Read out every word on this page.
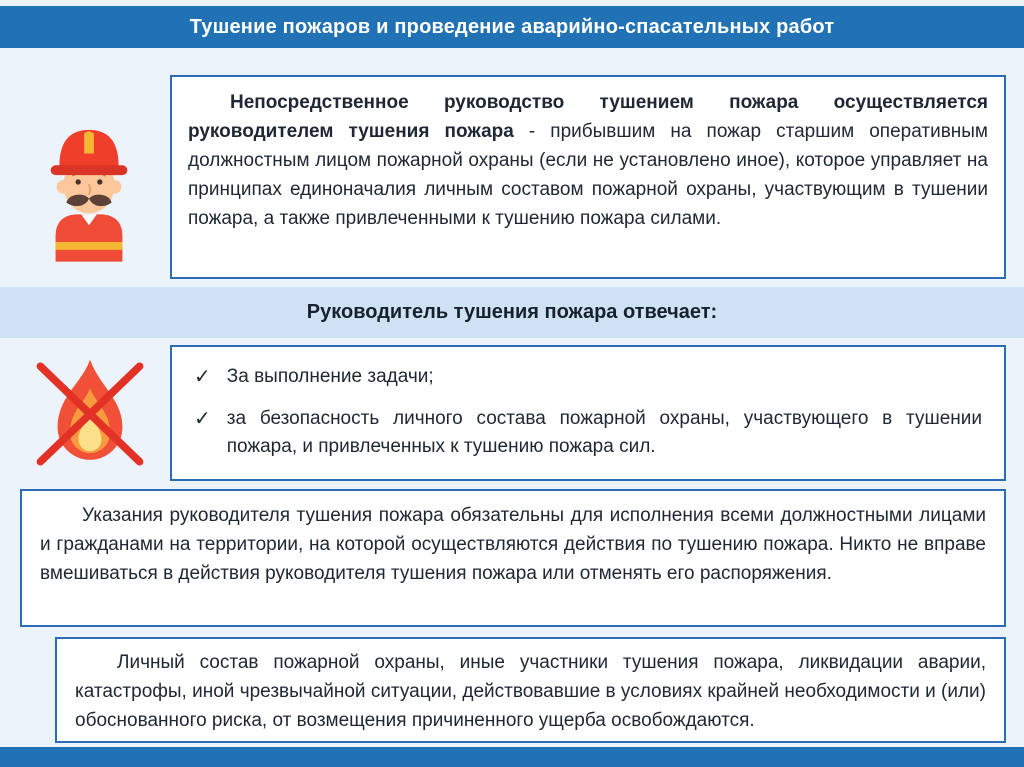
Тушение пожаров и проведение аварийно-спасательных работ

Непосредственное руководство тушением пожара осуществляется руководителем тушения пожара - прибывшим на пожар старшим оперативным должностным лицом пожарной охраны (если не установлено иное), которое управляет на принципах единоначалия личным составом пожарной охраны, участвующим в тушении пожара, а также привлеченными к тушению пожара силами.

Руководитель тушения пожара отвечает:
✓ За выполнение задачи;
✓ за безопасность личного состава пожарной охраны, участвующего в тушении пожара, и привлеченных к тушению пожара сил.

Указания руководителя тушения пожара обязательны для исполнения всеми должностными лицами и гражданами на территории, на которой осуществляются действия по тушению пожара. Никто не вправе вмешиваться в действия руководителя тушения пожара или отменять его распоряжения.

Личный состав пожарной охраны, иные участники тушения пожара, ликвидации аварии, катастрофы, иной чрезвычайной ситуации, действовавшие в условиях крайней необходимости и (или) обоснованного риска, от возмещения причиненного ущерба освобождаются.
